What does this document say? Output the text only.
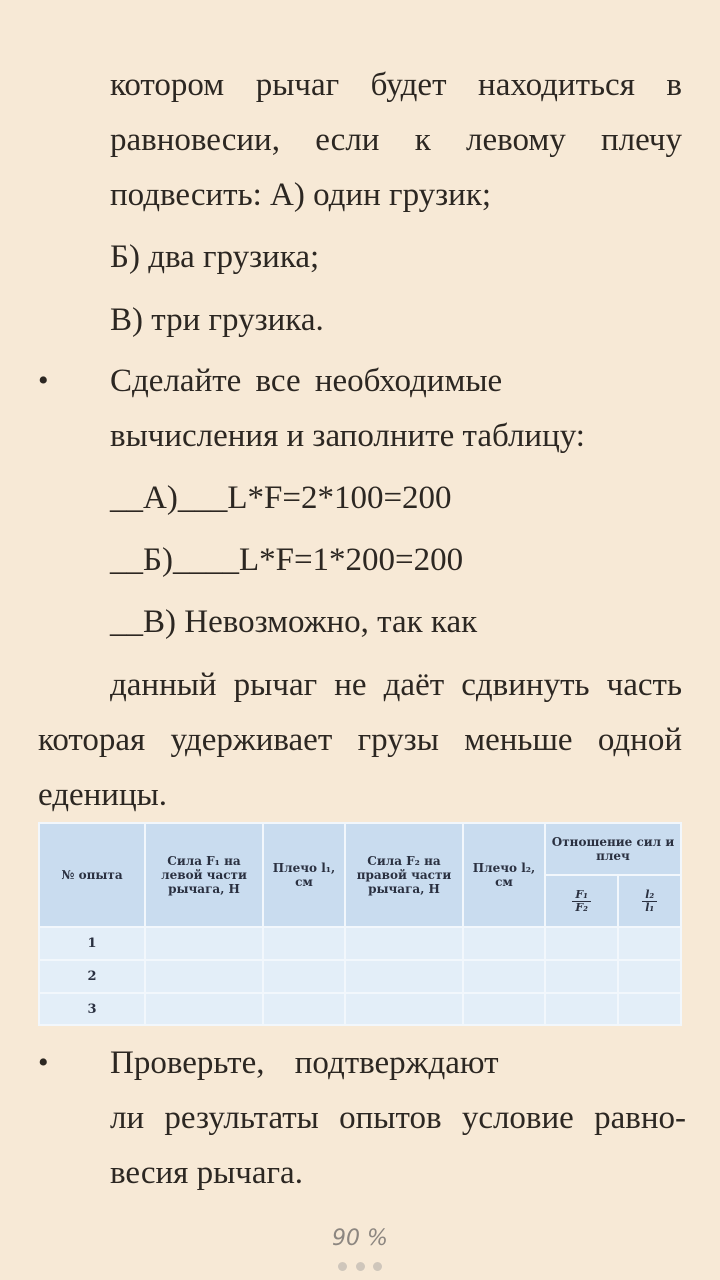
котором рычаг будет находиться в
равновесии, если к левому плечу
подвесить: А) один грузик;
Б) два грузика;
В) три грузика.
• Сделайте все необходимые
вычисления и заполните таблицу:
__А)___L*F=2*100=200
__Б)____L*F=1*200=200
__В) Невозможно, так как
данный рычаг не даёт сдвинуть часть
которая удерживает грузы меньше одной
еденицы.
№ опыта	Сила F₁ на левой части рычага, Н	Плечо l₁, см	Сила F₂ на правой части рычага, Н	Плечо l₂, см	Отношение сил и плеч	

					$\frac{\text{F₁}}{\text{F₂}}$	$\frac{\text{l₂}}{\text{l₁}}$

1						
2						
3						
• Проверьте, подтверждают
ли результаты опытов условие равно-
весия рычага.
90 %
